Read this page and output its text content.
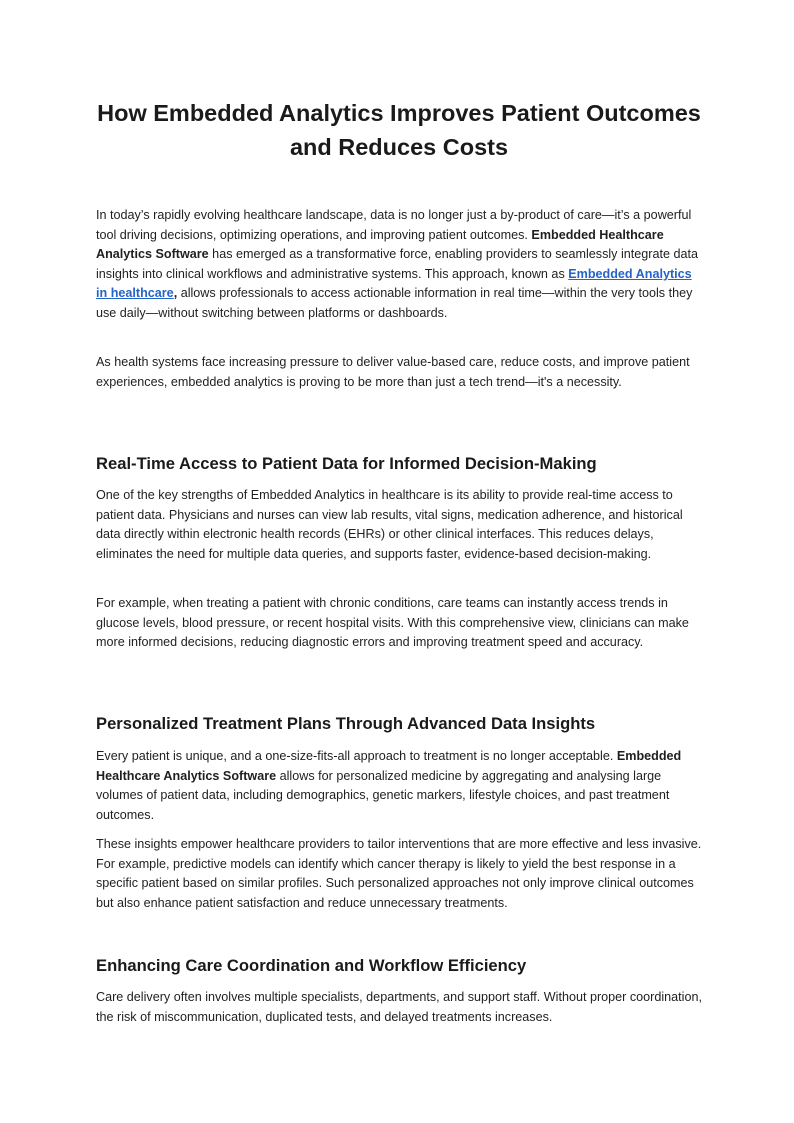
How Embedded Analytics Improves Patient Outcomes
and Reduces Costs

In today’s rapidly evolving healthcare landscape, data is no longer just a by-product of care—it’s a powerful tool driving decisions, optimizing operations, and improving patient outcomes. Embedded Healthcare Analytics Software has emerged as a transformative force, enabling providers to seamlessly integrate data insights into clinical workflows and administrative systems. This approach, known as Embedded Analytics in healthcare, allows professionals to access actionable information in real time—within the very tools they use daily—without switching between platforms or dashboards.

As health systems face increasing pressure to deliver value-based care, reduce costs, and improve patient experiences, embedded analytics is proving to be more than just a tech trend—it's a necessity.

Real-Time Access to Patient Data for Informed Decision-Making

One of the key strengths of Embedded Analytics in healthcare is its ability to provide real-time access to patient data. Physicians and nurses can view lab results, vital signs, medication adherence, and historical data directly within electronic health records (EHRs) or other clinical interfaces. This reduces delays, eliminates the need for multiple data queries, and supports faster, evidence-based decision-making.

For example, when treating a patient with chronic conditions, care teams can instantly access trends in glucose levels, blood pressure, or recent hospital visits. With this comprehensive view, clinicians can make more informed decisions, reducing diagnostic errors and improving treatment speed and accuracy.

Personalized Treatment Plans Through Advanced Data Insights

Every patient is unique, and a one-size-fits-all approach to treatment is no longer acceptable. Embedded Healthcare Analytics Software allows for personalized medicine by aggregating and analysing large volumes of patient data, including demographics, genetic markers, lifestyle choices, and past treatment outcomes.

These insights empower healthcare providers to tailor interventions that are more effective and less invasive. For example, predictive models can identify which cancer therapy is likely to yield the best response in a specific patient based on similar profiles. Such personalized approaches not only improve clinical outcomes but also enhance patient satisfaction and reduce unnecessary treatments.

Enhancing Care Coordination and Workflow Efficiency

Care delivery often involves multiple specialists, departments, and support staff. Without proper coordination, the risk of miscommunication, duplicated tests, and delayed treatments increases.
